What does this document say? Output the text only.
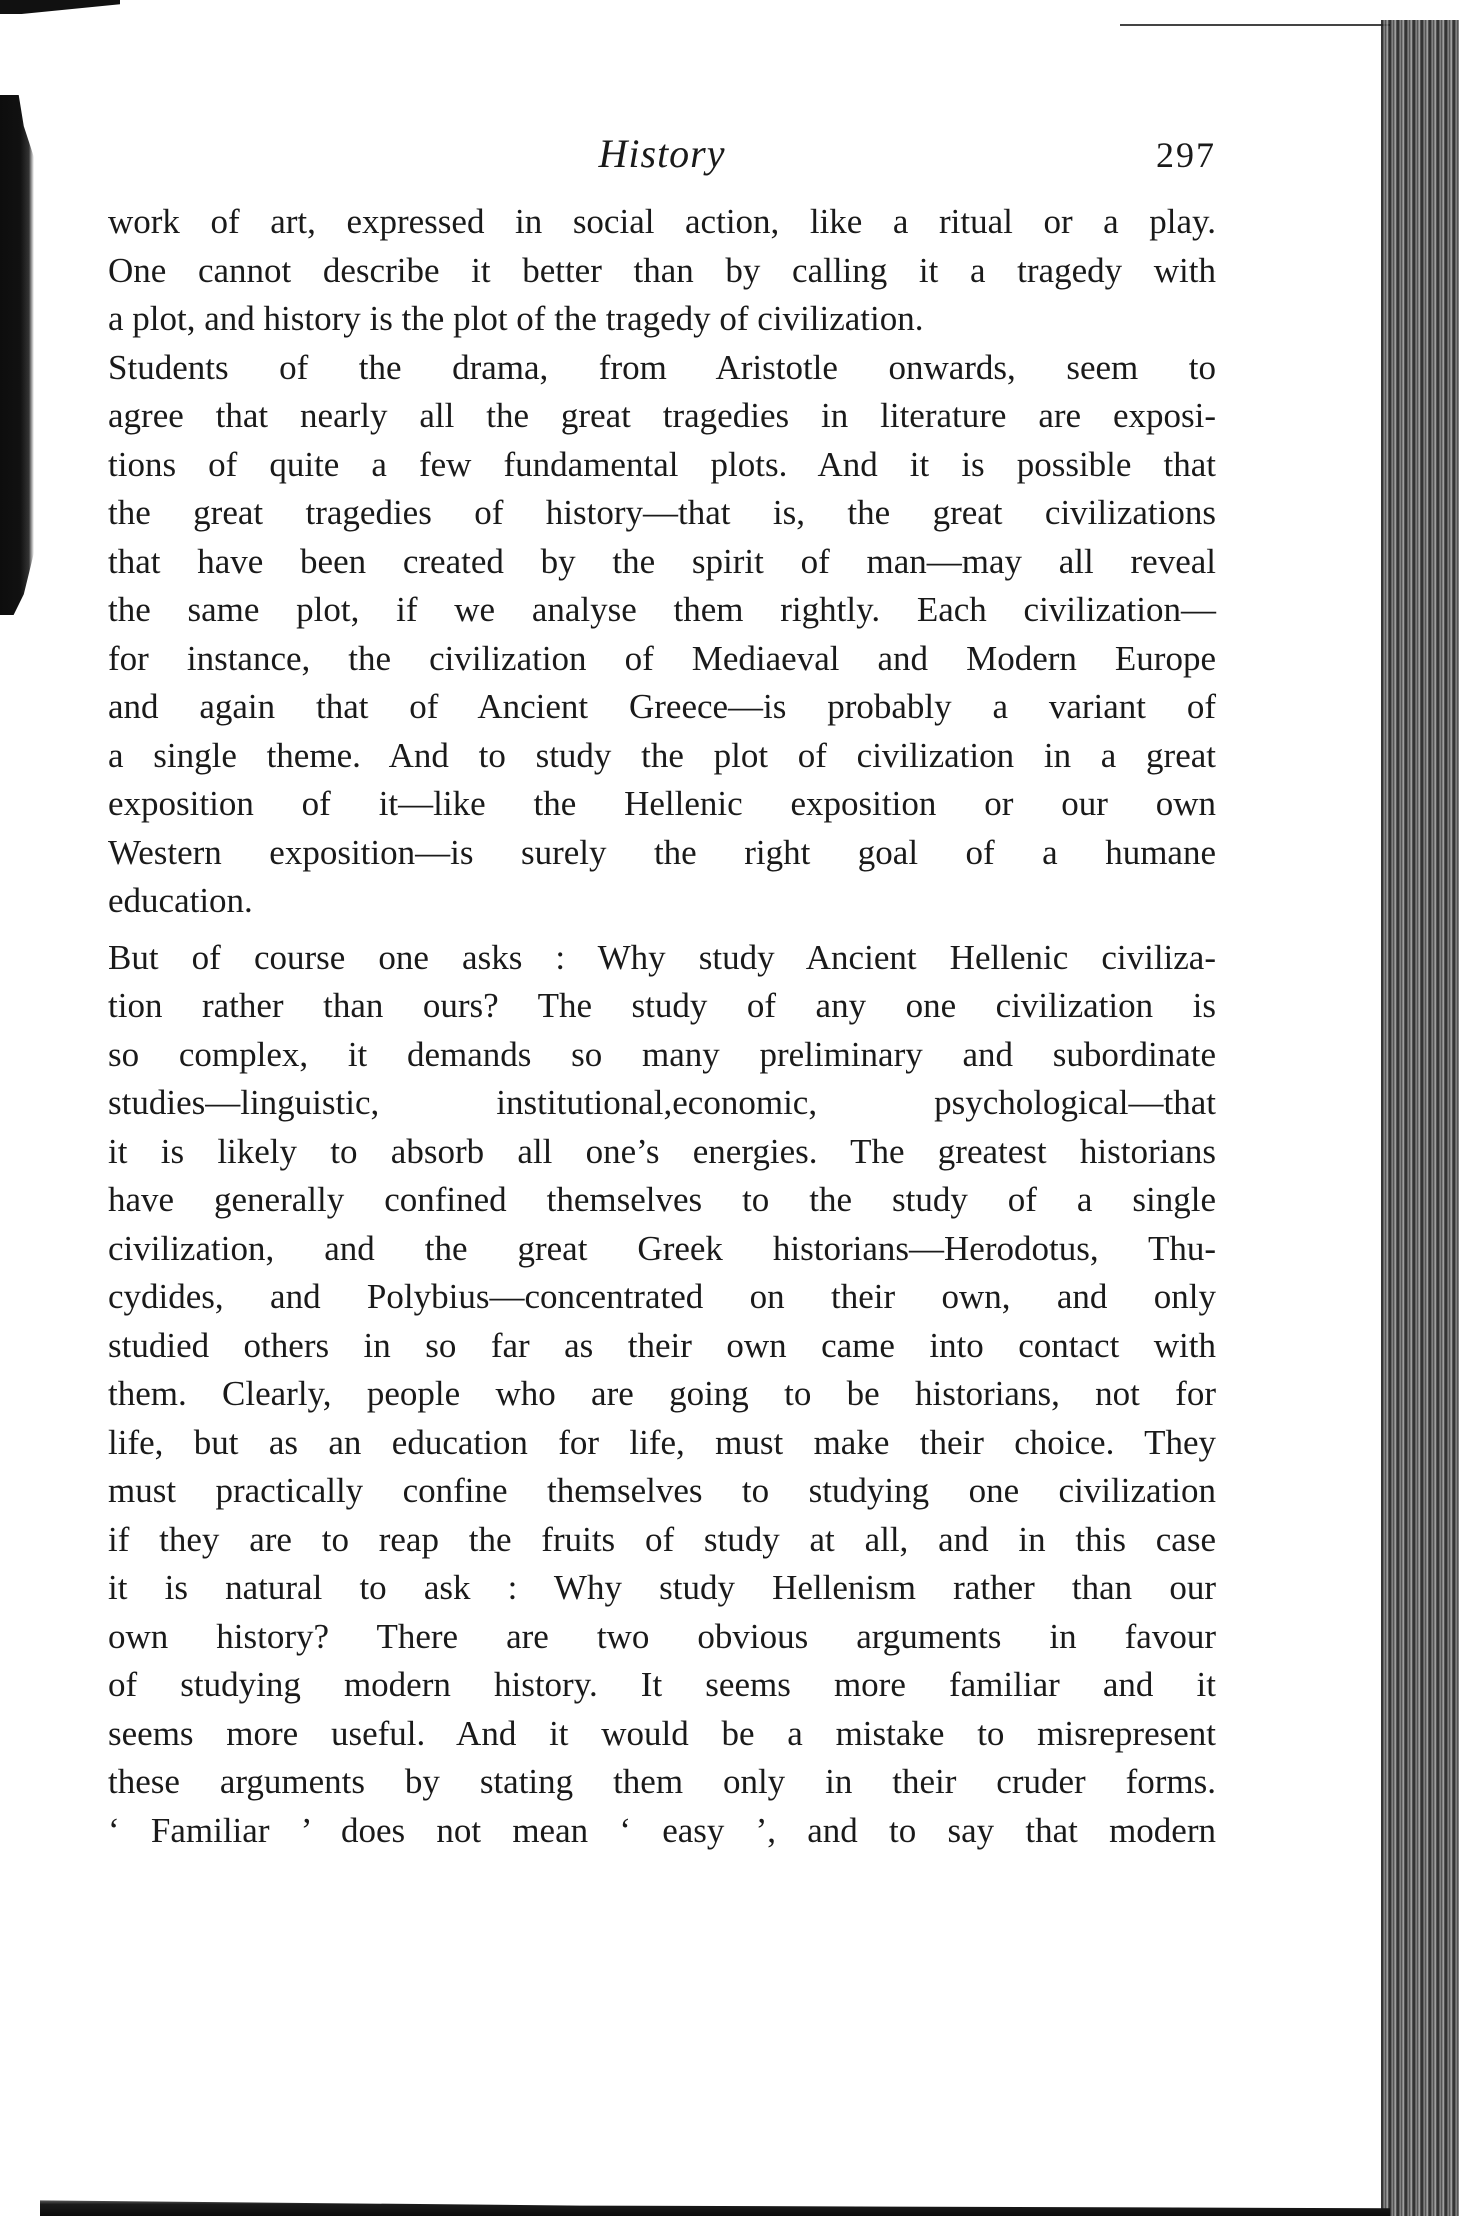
History	297
work of art, expressed in social action, like a ritual or a play.
One cannot describe it better than by calling it a tragedy with
a plot, and history is the plot of the tragedy of civilization.
Students of the drama, from Aristotle onwards, seem to
agree that nearly all the great tragedies in literature are exposi-
tions of quite a few fundamental plots. And it is possible that
the great tragedies of history—that is, the great civilizations
that have been created by the spirit of man—may all reveal
the same plot, if we analyse them rightly. Each civilization—
for instance, the civilization of Mediaeval and Modern Europe
and again that of Ancient Greece—is probably a variant of
a single theme. And to study the plot of civilization in a great
exposition of it—like the Hellenic exposition or our own
Western exposition—is surely the right goal of a humane
education.
But of course one asks : Why study Ancient Hellenic civiliza-
tion rather than ours? The study of any one civilization is
so complex, it demands so many preliminary and subordinate
studies—linguistic, institutional,economic, psychological—that
it is likely to absorb all one’s energies. The greatest historians
have generally confined themselves to the study of a single
civilization, and the great Greek historians—Herodotus, Thu-
cydides, and Polybius—concentrated on their own, and only
studied others in so far as their own came into contact with
them. Clearly, people who are going to be historians, not for
life, but as an education for life, must make their choice. They
must practically confine themselves to studying one civilization
if they are to reap the fruits of study at all, and in this case
it is natural to ask : Why study Hellenism rather than our
own history? There are two obvious arguments in favour
of studying modern history. It seems more familiar and it
seems more useful. And it would be a mistake to misrepresent
these arguments by stating them only in their cruder forms.
‘ Familiar ’ does not mean ‘ easy ’, and to say that modern
